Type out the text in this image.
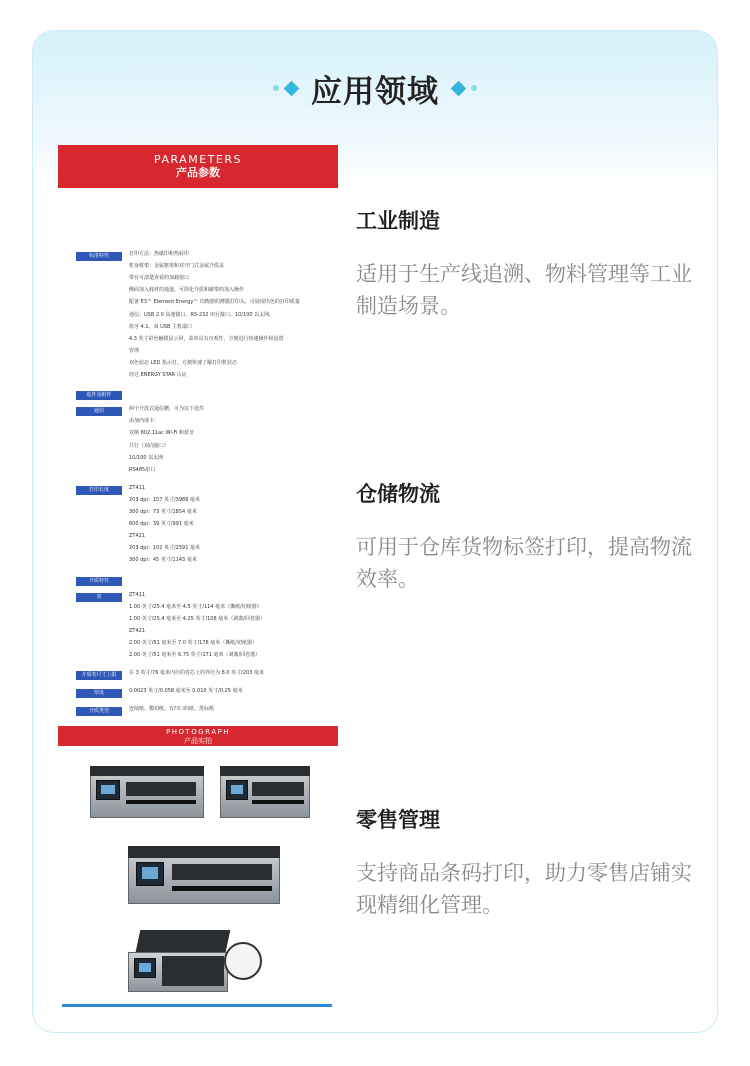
应用领域
PARAMETERS
产品参数
标准特性	打印方法：热敏印和热转印
机身框架：金属框架和双开门式金属介质盖
带有可清楚查看的加载窗口
侧面加入耗材的通道，可简化介质和碳带的加入操作
配备 E3™ Element Energy™ 均衡器的薄膜打印头，可展现出色的打印质量
通信：USB 2.0 高速接口、RS-232 串行接口、10/100 以太网、
蓝牙 4.1、双 USB 主机端口
4.3 英寸彩色触摸显示屏，菜单具有直观性，方便进行快速操作和设置
管理
双色状态 LED 指示灯，方便快速了解打印机状态
经过 ENERGY STAR 认证
选件及附件
通信	两个开放式通信槽，可为以下选件
添加内部卡：
双频 802.11ac Wi-Fi 和蓝牙
并行（双向接口）
10/100 以太网
RS485串口
打印长度	ZT411
203 dpi：157 英寸/3988 毫米
300 dpi：73 英寸/1854 毫米
600 dpi：39 英寸/991 毫米
ZT421
203 dpi：102 英寸/2591 毫米
300 dpi：45 英寸/1143 毫米
介质特性
宽	ZT411
1.00 英寸/25.4 毫米至 4.5 英寸/114 毫米（撕纸/切纸器）
1.00 英寸/25.4 毫米至 4.25 英寸/108 毫米（剥离/回卷器）
ZT421
2.00 英寸/51 毫米至 7.0 英寸/178 毫米（撕纸/切纸器）
2.00 英寸/51 毫米至 6.75 英寸/171 毫米（剥离/回卷器）
介质卷尺寸上限	在 3 英寸/76 毫米内径的卷芯上的外径为 8.0 英寸/203 毫米
厚度	0.0023 英寸/0.058 毫米至 0.010 英寸/0.25 毫米
介质类型	连续纸、模切纸、有凹口的纸、黑标纸
PHOTOGRAPH
产品实拍
工业制造
适用于生产线追溯、物料管理等工业制造场景。
仓储物流
可用于仓库货物标签打印，提高物流效率。
零售管理
支持商品条码打印，助力零售店铺实现精细化管理。
